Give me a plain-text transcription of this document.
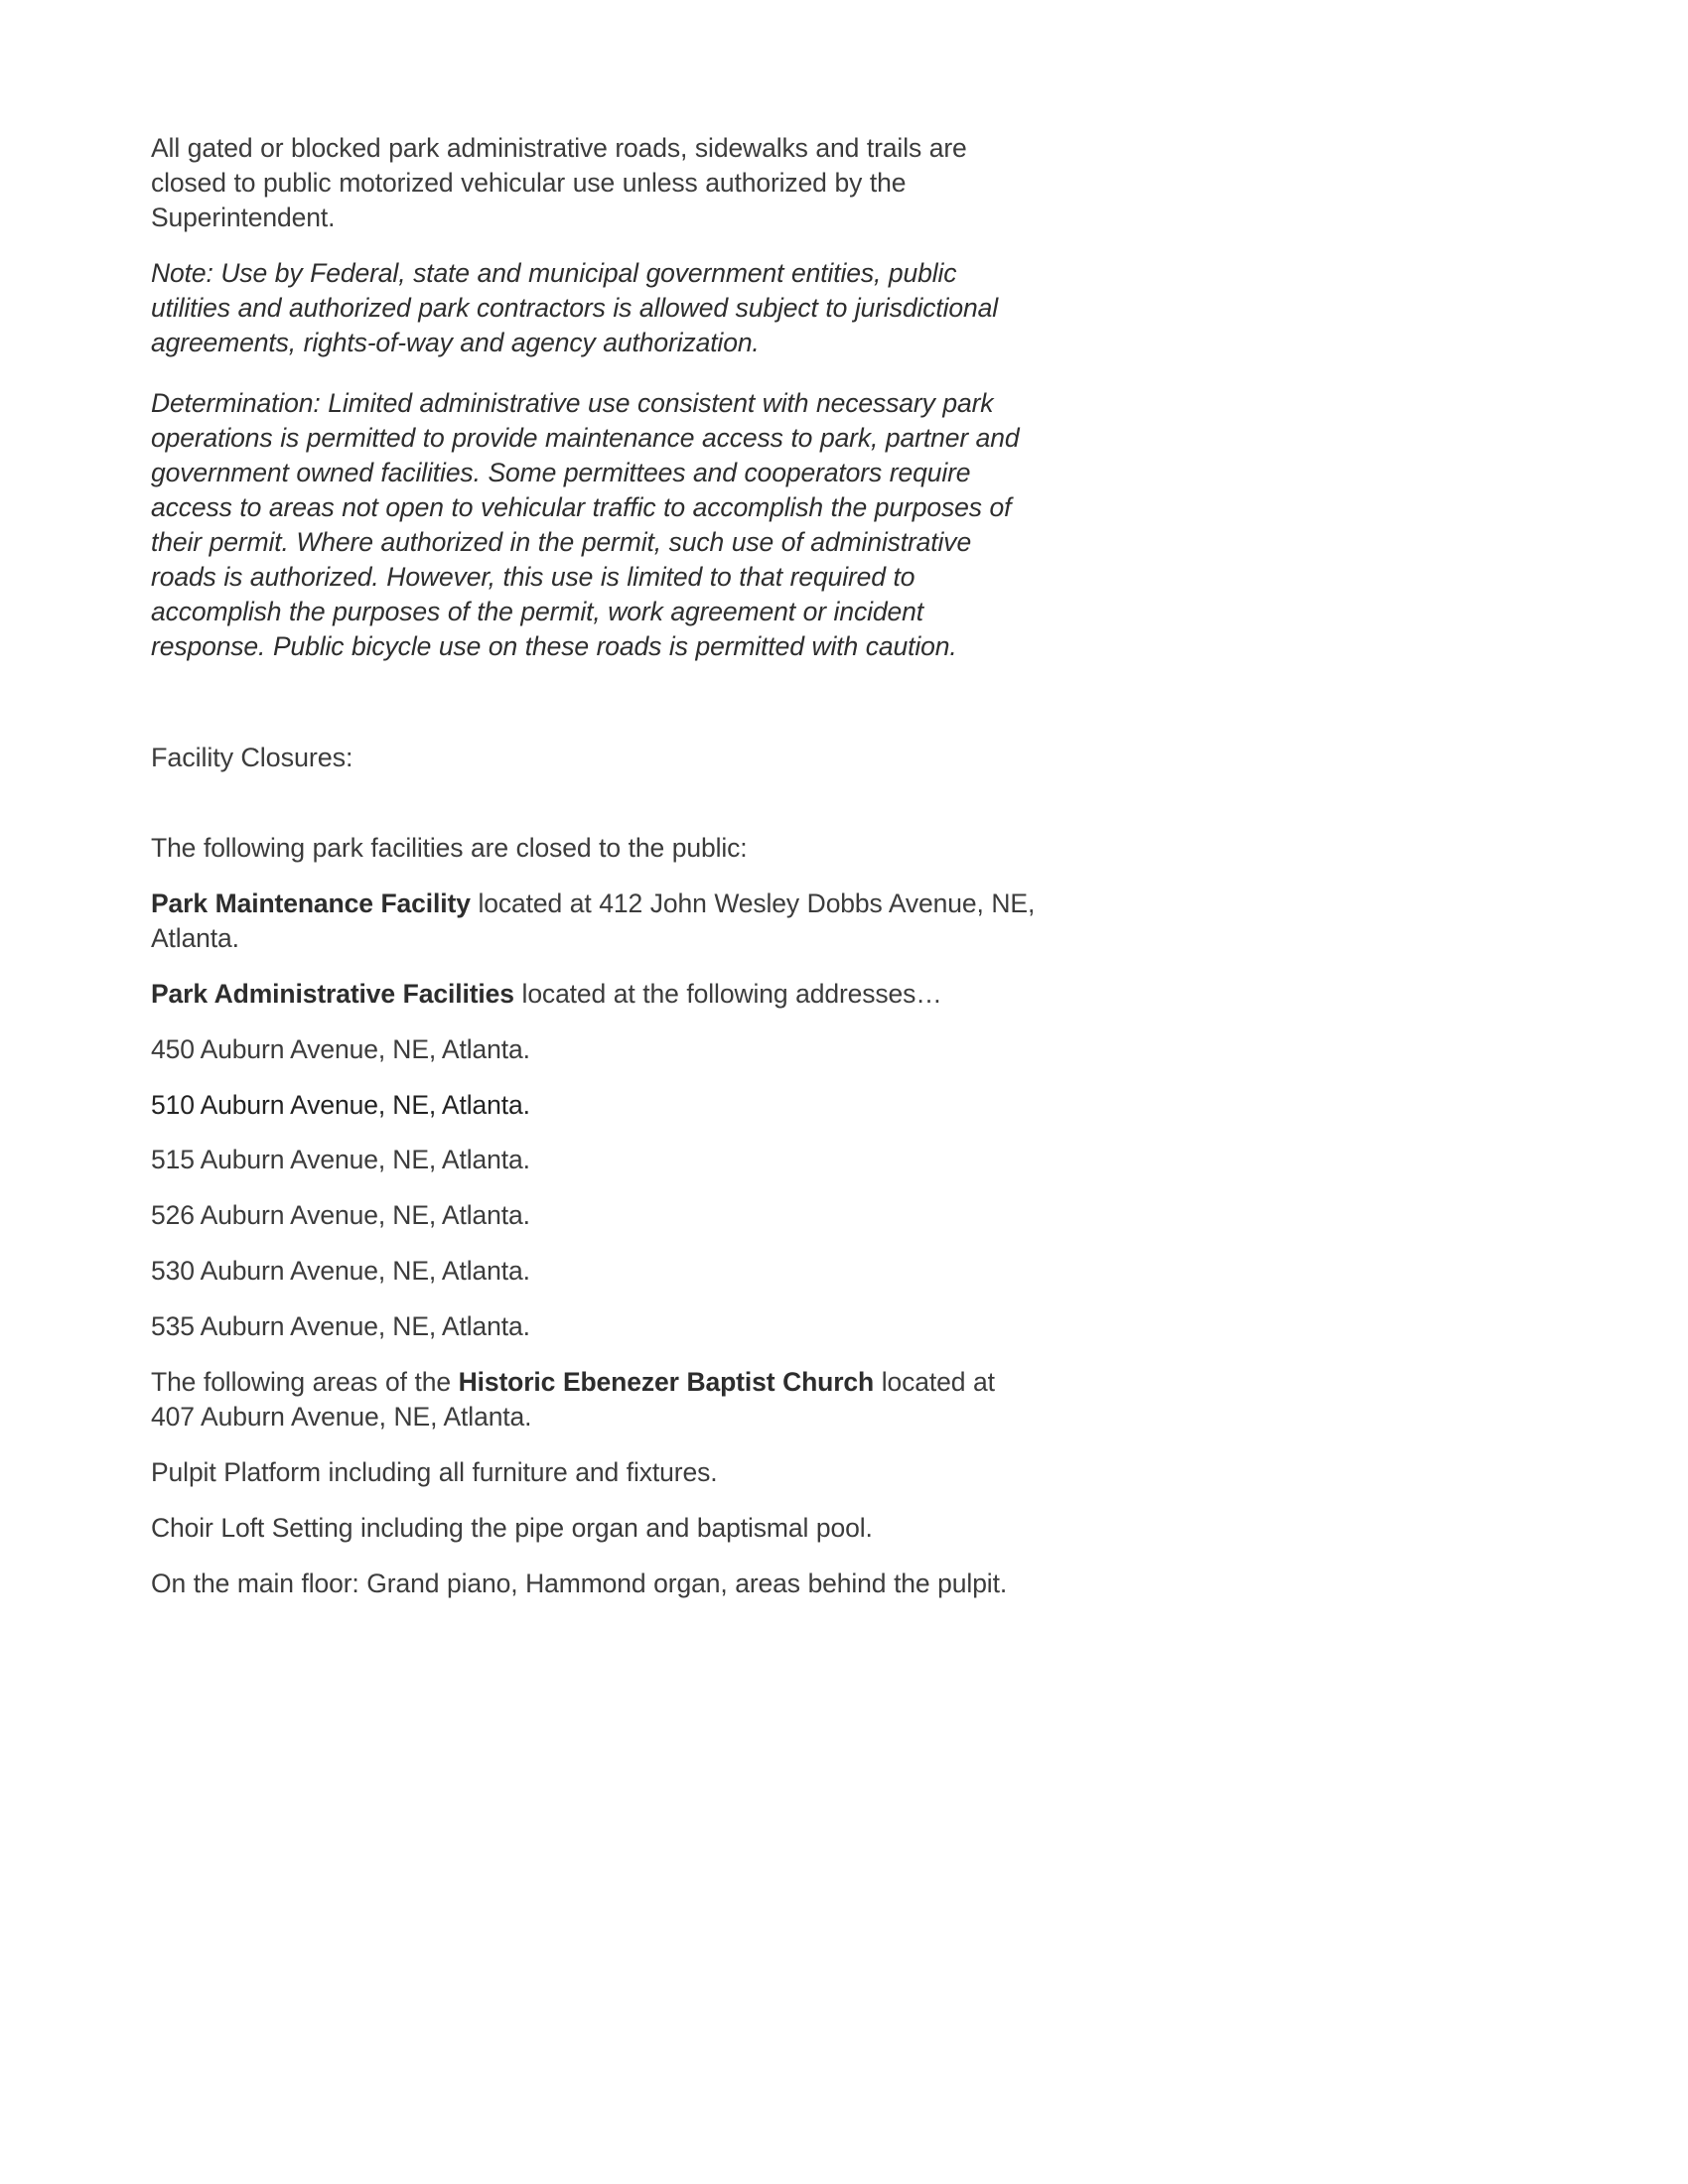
All gated or blocked park administrative roads, sidewalks and trails are closed to public motorized vehicular use unless authorized by the Superintendent.

Note: Use by Federal, state and municipal government entities, public utilities and authorized park contractors is allowed subject to jurisdictional agreements, rights-of-way and agency authorization.

Determination: Limited administrative use consistent with necessary park operations is permitted to provide maintenance access to park, partner and government owned facilities. Some permittees and cooperators require access to areas not open to vehicular traffic to accomplish the purposes of their permit. Where authorized in the permit, such use of administrative roads is authorized. However, this use is limited to that required to accomplish the purposes of the permit, work agreement or incident response. Public bicycle use on these roads is permitted with caution.

Facility Closures:

The following park facilities are closed to the public:

Park Maintenance Facility located at 412 John Wesley Dobbs Avenue, NE, Atlanta.

Park Administrative Facilities located at the following addresses…

450 Auburn Avenue, NE, Atlanta.

510 Auburn Avenue, NE, Atlanta.

515 Auburn Avenue, NE, Atlanta.

526 Auburn Avenue, NE, Atlanta.

530 Auburn Avenue, NE, Atlanta.

535 Auburn Avenue, NE, Atlanta.

The following areas of the Historic Ebenezer Baptist Church located at 407 Auburn Avenue, NE, Atlanta.

Pulpit Platform including all furniture and fixtures.

Choir Loft Setting including the pipe organ and baptismal pool.

On the main floor: Grand piano, Hammond organ, areas behind the pulpit.
